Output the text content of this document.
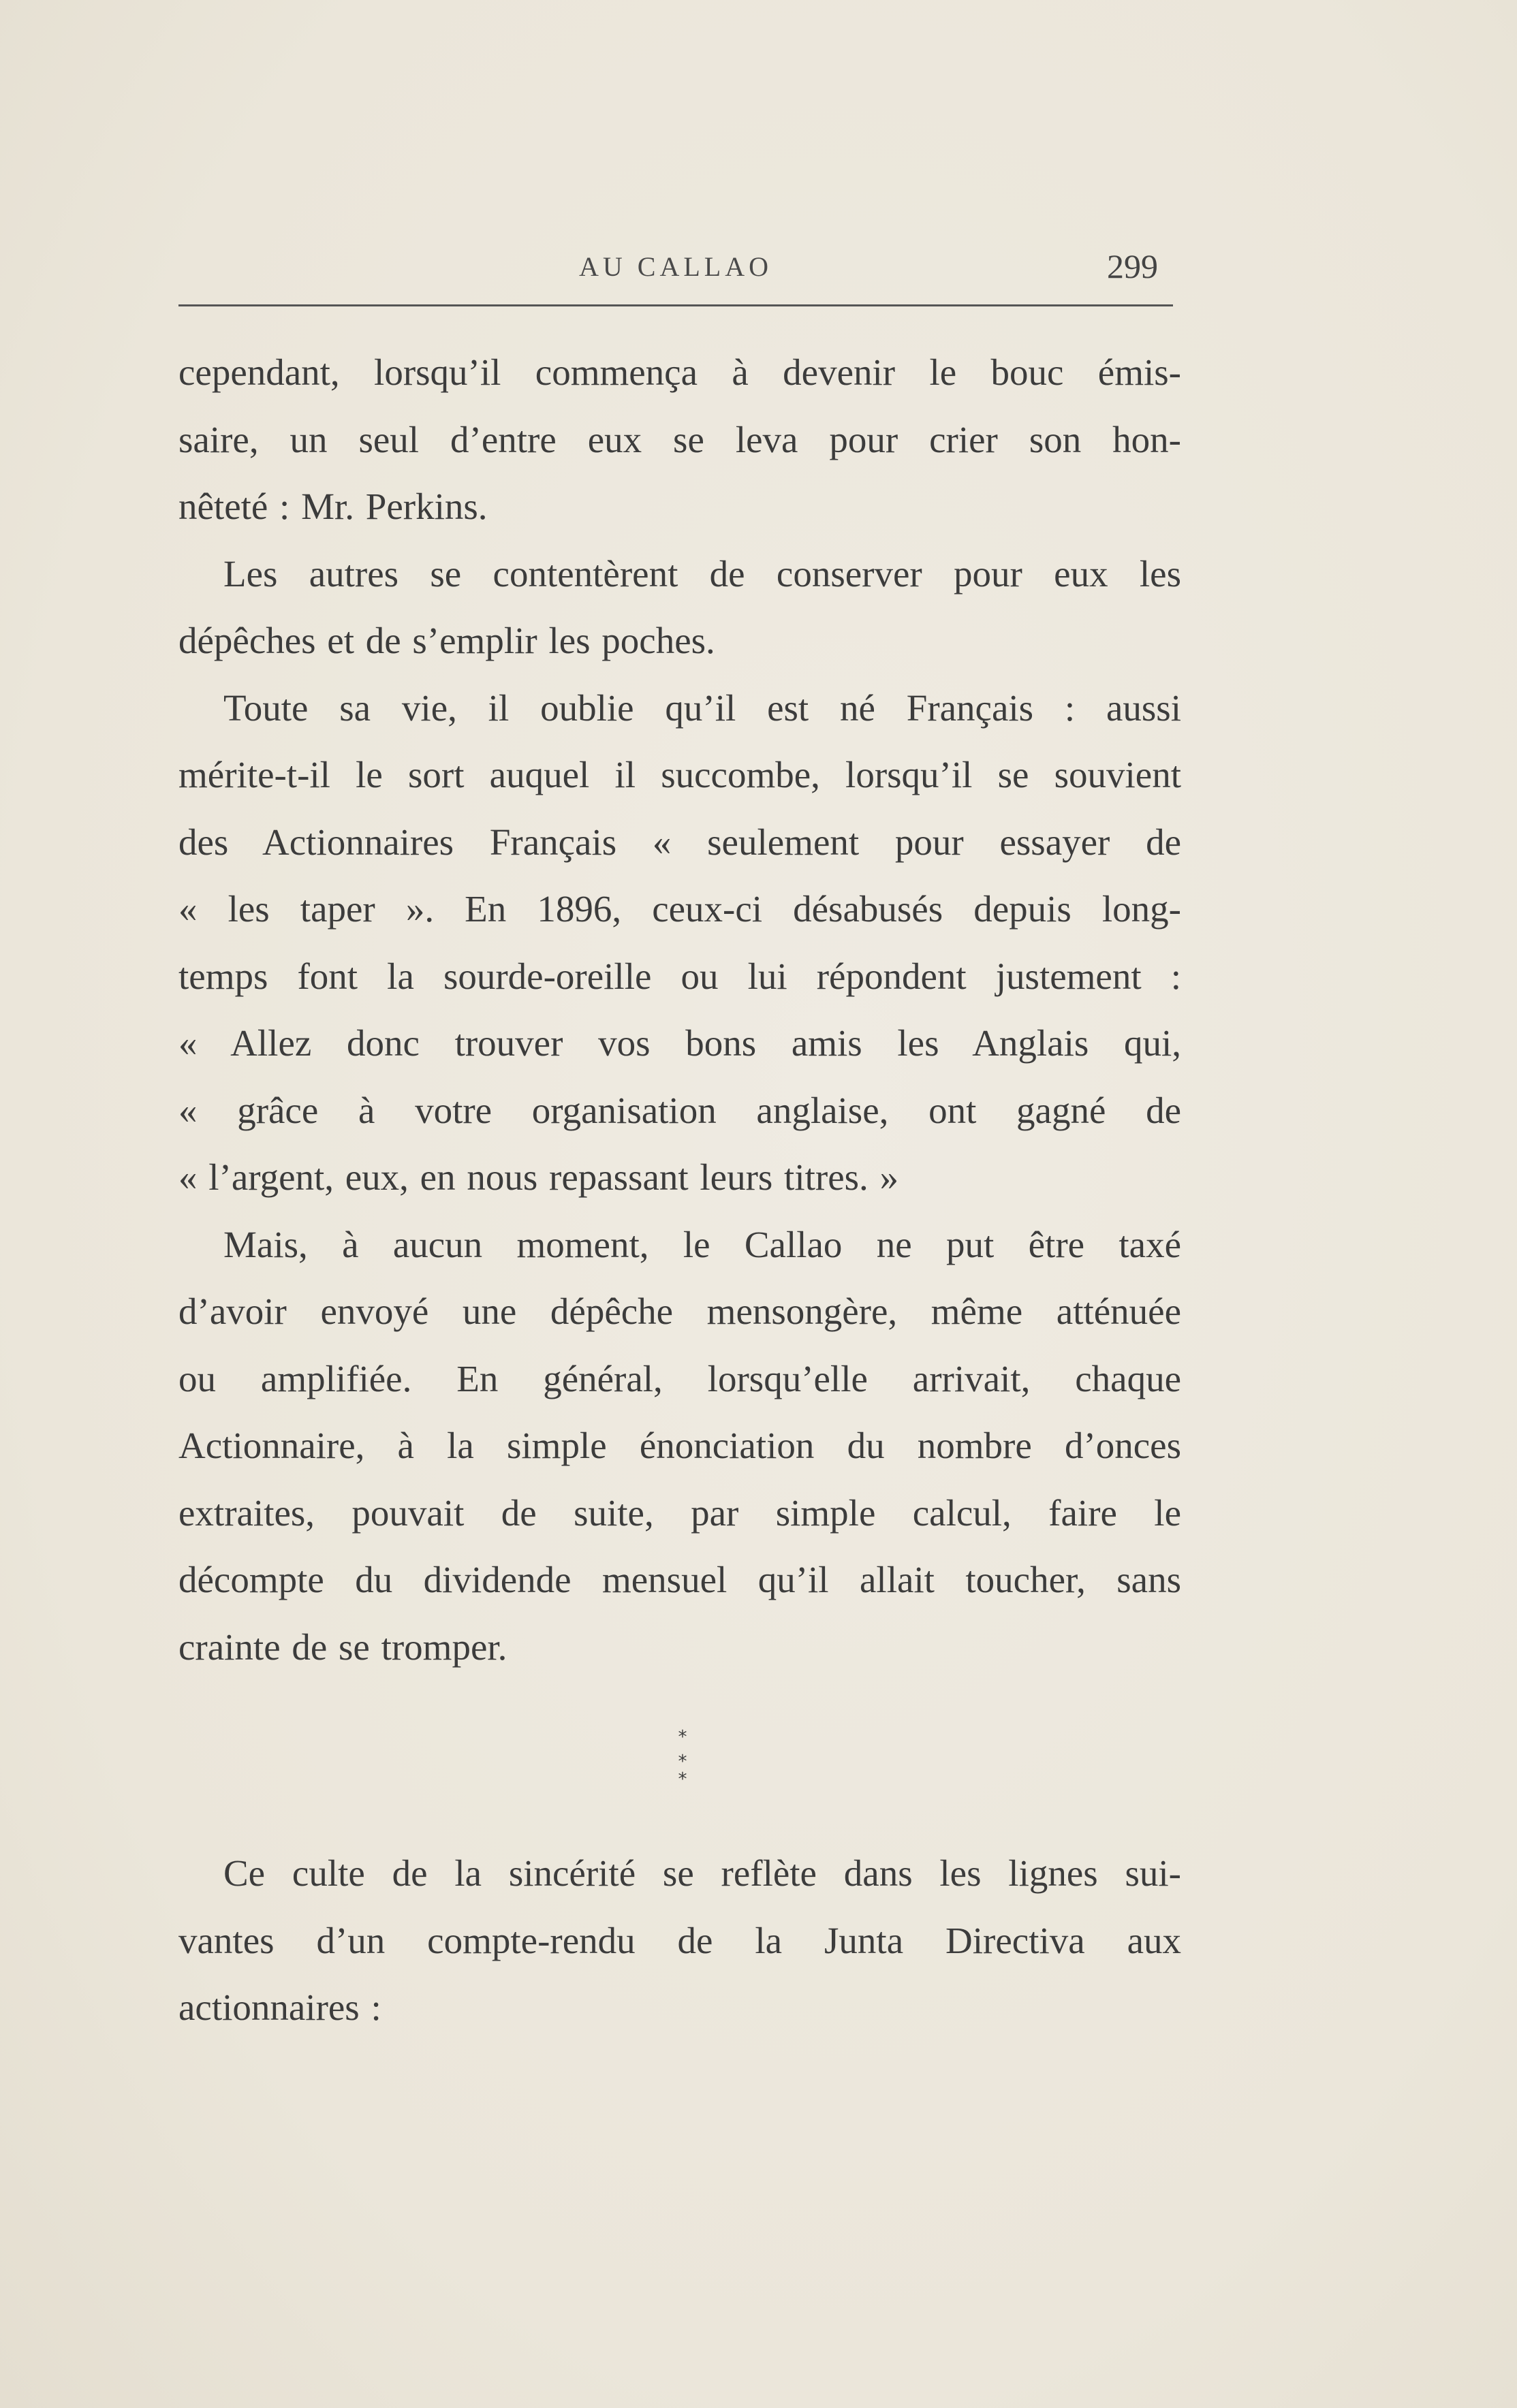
AU CALLAO	299
cependant, lorsqu’il commença à devenir le bouc émis-
saire, un seul d’entre eux se leva pour crier son hon-
nêteté : Mr. Perkins.
Les autres se contentèrent de conserver pour eux les
dépêches et de s’emplir les poches.
Toute sa vie, il oublie qu’il est né Français : aussi
mérite-t-il le sort auquel il succombe, lorsqu’il se souvient
des Actionnaires Français « seulement pour essayer de
« les taper ». En 1896, ceux-ci désabusés depuis long-
temps font la sourde-oreille ou lui répondent justement :
« Allez donc trouver vos bons amis les Anglais qui,
« grâce à votre organisation anglaise, ont gagné de
« l’argent, eux, en nous repassant leurs titres. »
Mais, à aucun moment, le Callao ne put être taxé
d’avoir envoyé une dépêche mensongère, même atténuée
ou amplifiée. En général, lorsqu’elle arrivait, chaque
Actionnaire, à la simple énonciation du nombre d’onces
extraites, pouvait de suite, par simple calcul, faire le
décompte du dividende mensuel qu’il allait toucher, sans
crainte de se tromper.
*
* *
Ce culte de la sincérité se reflète dans les lignes sui-
vantes d’un compte-rendu de la Junta Directiva aux
actionnaires :
